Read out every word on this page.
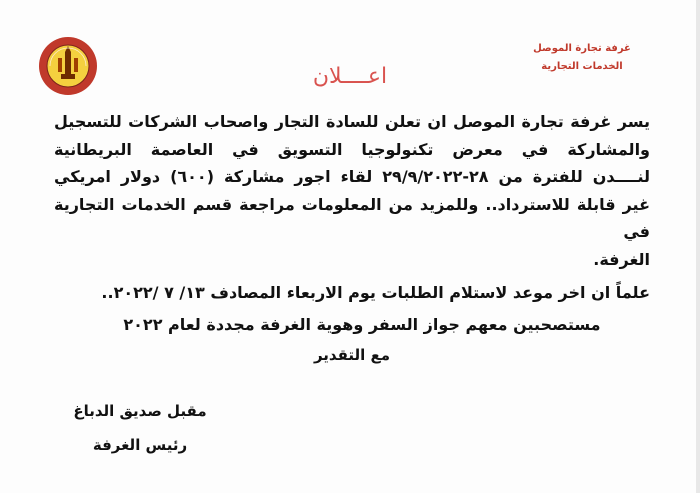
غرفة تجارة الموصل
الخدمات التجارية
اعــــلان
يسر غرفة تجارة الموصل ان تعلن للسادة التجار واصحاب الشركات للتسجيل
والمشاركة في معرض تكنولوجيا التسويق في العاصمة البريطانية
لنــــدن للفترة من ٢٨-٢٩/٩/٢٠٢٢ لقاء اجور مشاركة (٦٠٠) دولار امريكي
غير قابلة للاسترداد.. وللمزيد من المعلومات مراجعة قسم الخدمات التجارية في
الغرفة.
علماً ان اخر موعد لاستلام الطلبات يوم الاربعاء المصادف ١٣/ ٧ /٢٠٢٢..
مستصحبين معهم جواز السفر وهوية الغرفة مجددة لعام ٢٠٢٢
مع التقدير
مقبل صديق الدباغ
رئيس الغرفة
